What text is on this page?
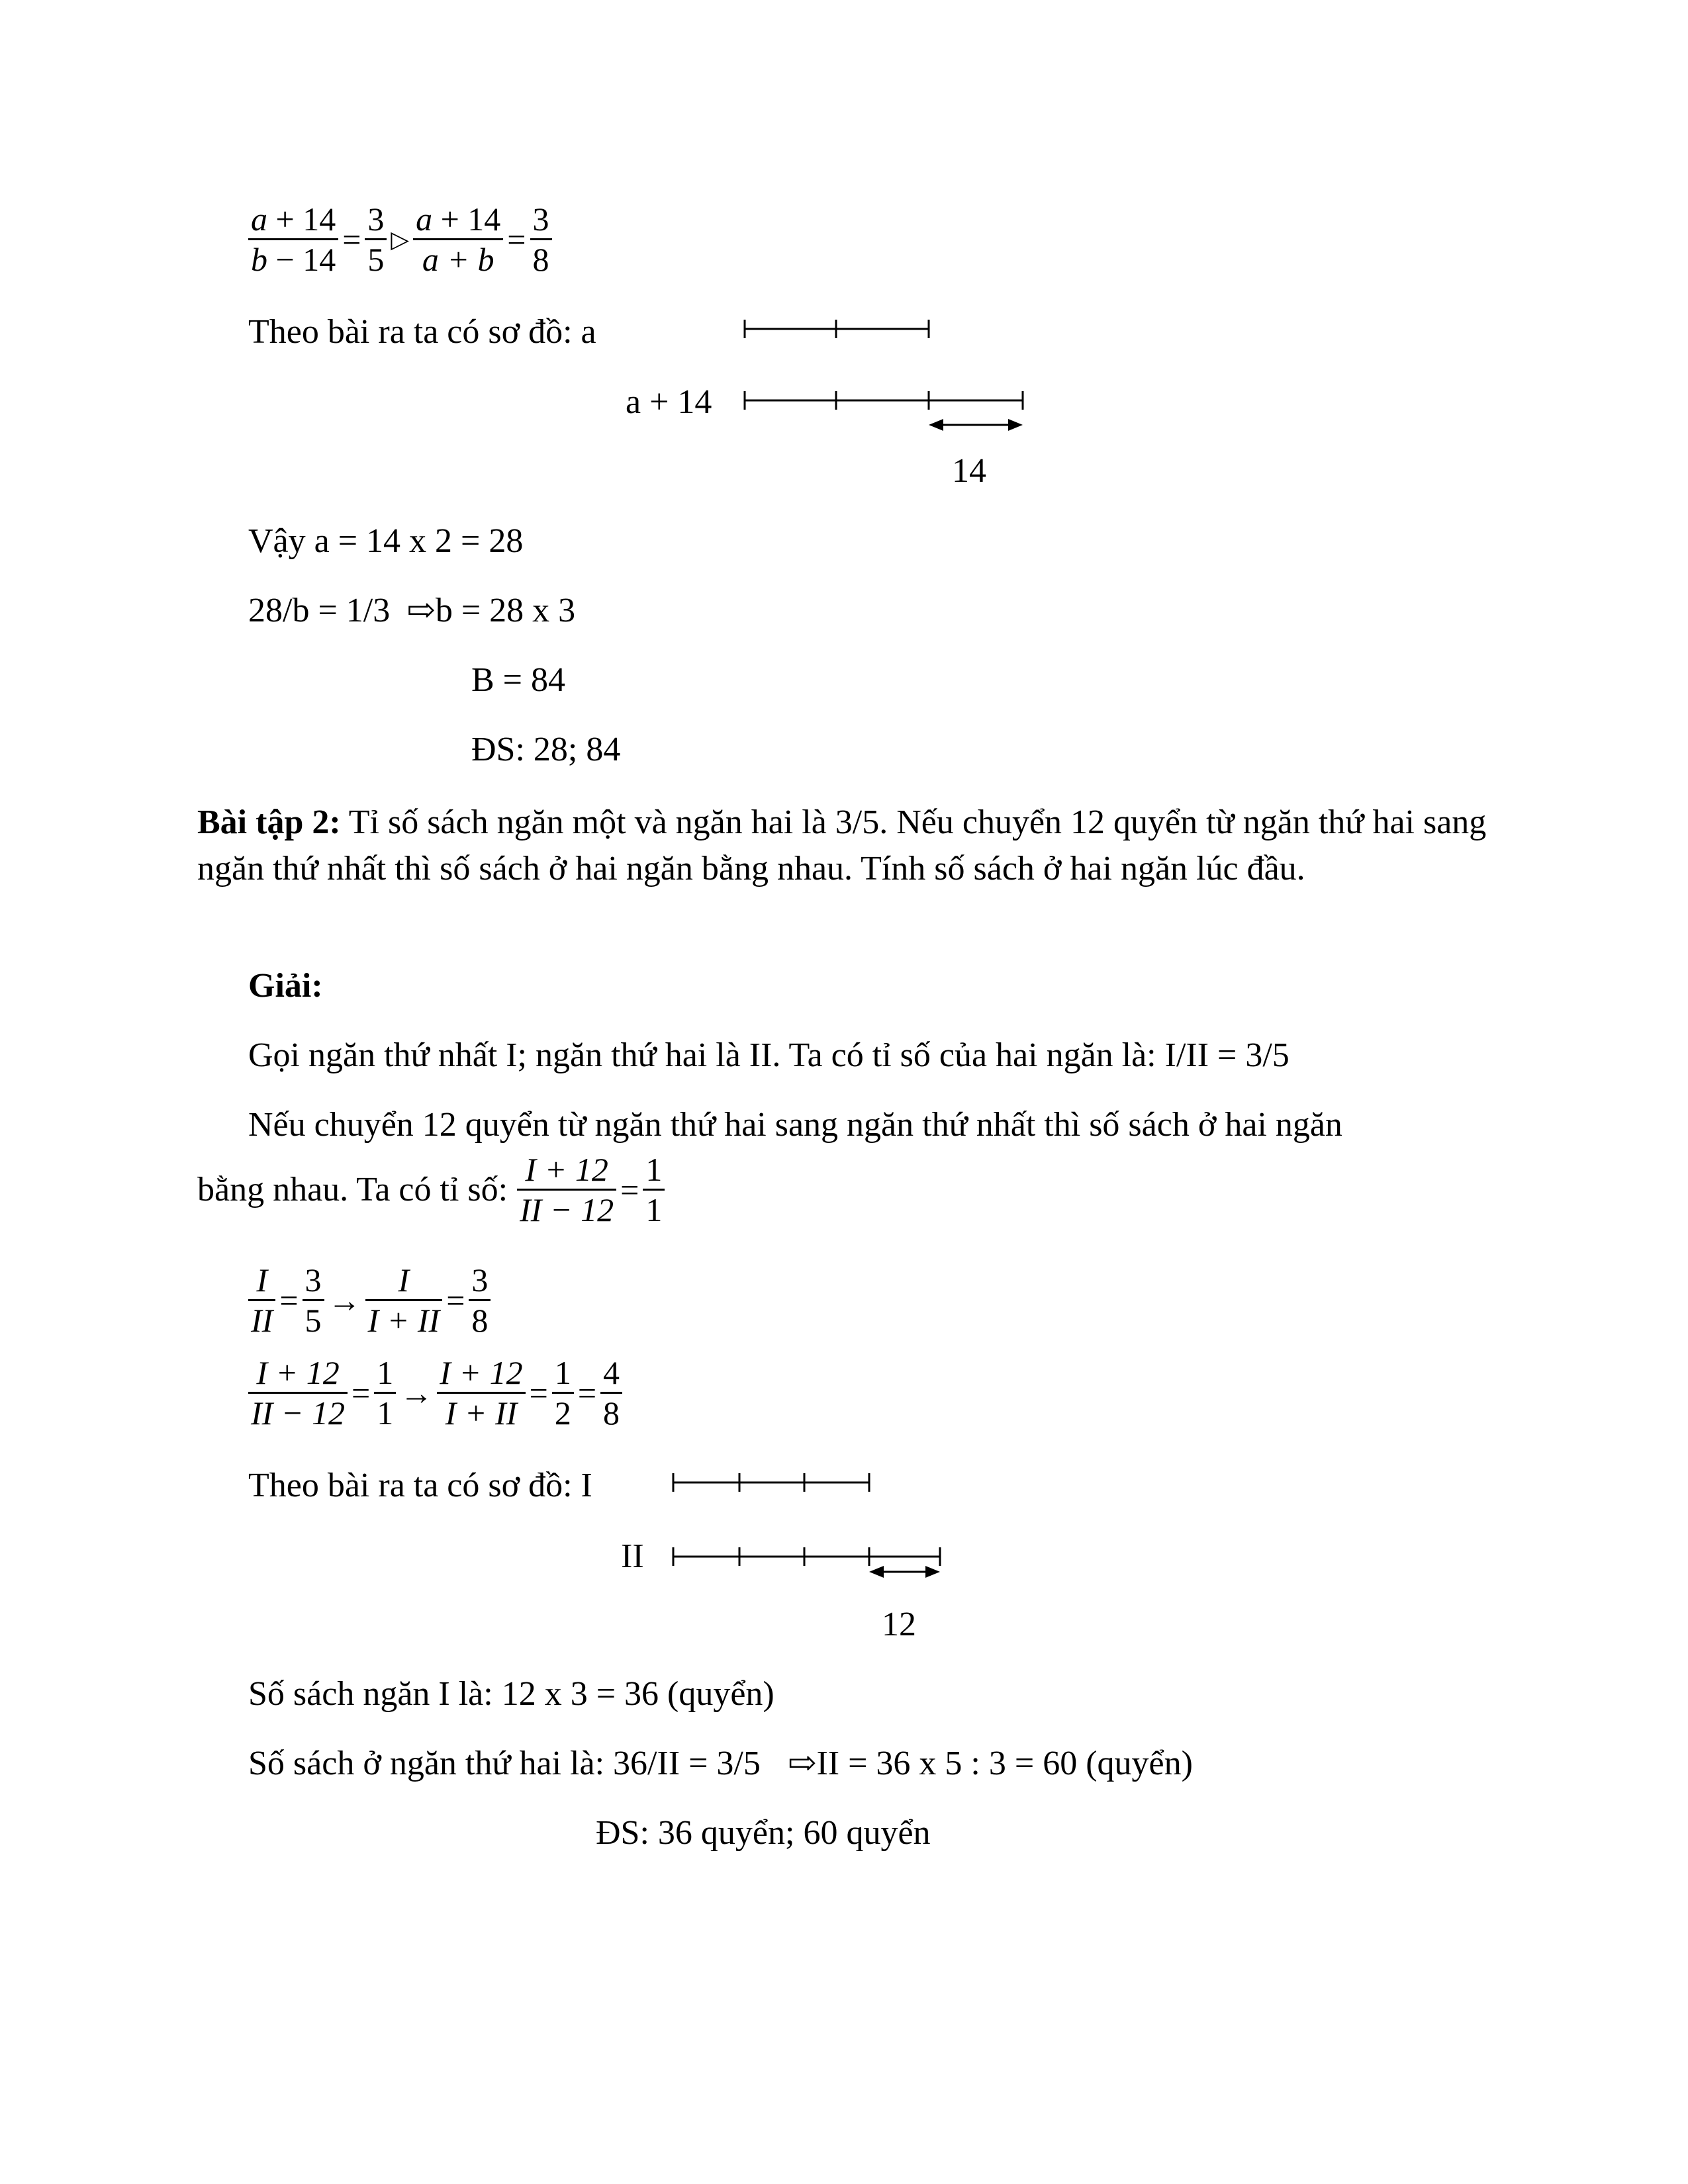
$\frac{a + 14}{b - 14} = \frac{3}{5}$ ▷ $\frac{a + 14}{a + b} = \frac{3}{8}$
Theo bài ra ta có sơ đồ: a
a + 14
14
Vậy a = 14 x 2 = 28
28/b = 1/3 ⇨b = 28 x 3
B = 84
ĐS: 28; 84
Bài tập 2: Tỉ số sách ngăn một và ngăn hai là 3/5. Nếu chuyển 12 quyển từ ngăn thứ hai sang ngăn thứ nhất thì số sách ở hai ngăn bằng nhau. Tính số sách ở hai ngăn lúc đầu.
Giải:
Gọi ngăn thứ nhất I; ngăn thứ hai là II. Ta có tỉ số của hai ngăn là: I/II = 3/5
Nếu chuyển 12 quyển từ ngăn thứ hai sang ngăn thứ nhất thì số sách ở hai ngăn
bằng nhau. Ta có tỉ số: $\frac{I + 12}{II - 12} = \frac{1}{1}$
$\frac{I}{II} = \frac{3}{5} \to \frac{I}{I + II} = \frac{3}{8}$
$\frac{I + 12}{II - 12} = \frac{1}{1} \to \frac{I + 12}{I + II} = \frac{1}{2} = \frac{4}{8}$
Theo bài ra ta có sơ đồ: I
II
12
Số sách ngăn I là: 12 x 3 = 36 (quyển)
Số sách ở ngăn thứ hai là: 36/II = 3/5 ⇨II = 36 x 5 : 3 = 60 (quyển)
ĐS: 36 quyển; 60 quyển
